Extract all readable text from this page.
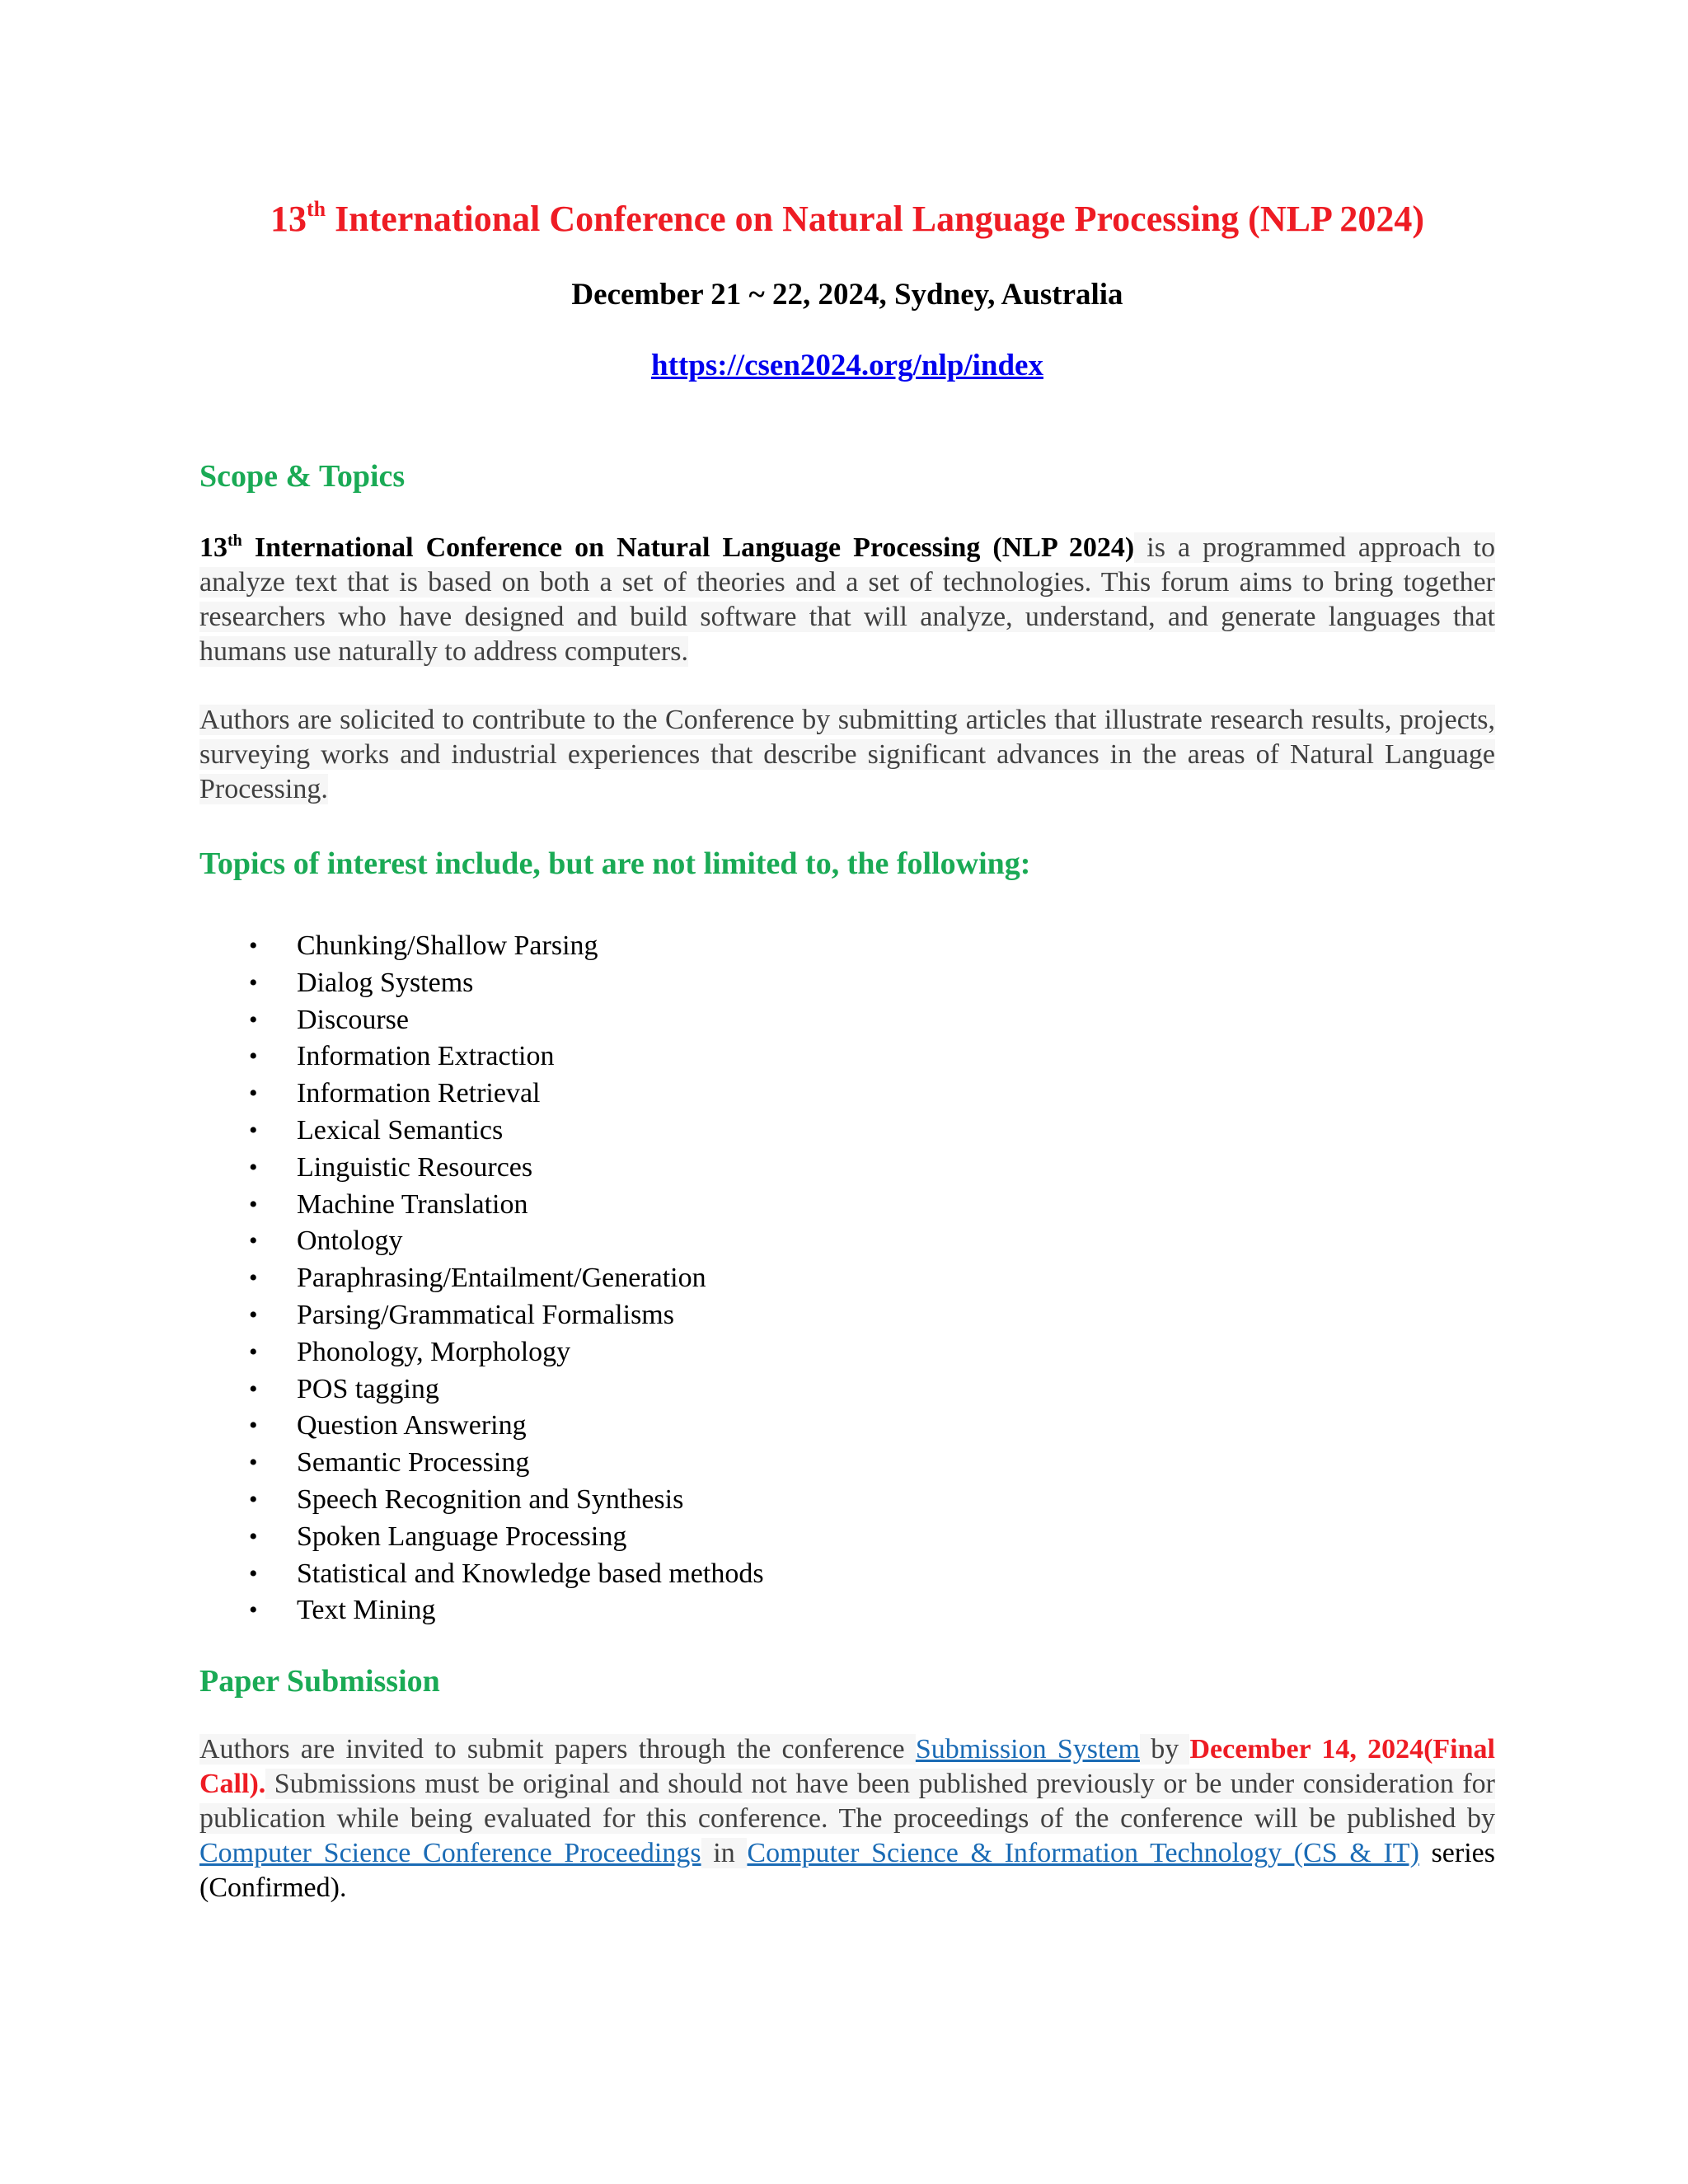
13th International Conference on Natural Language Processing (NLP 2024)

December 21 ~ 22, 2024, Sydney, Australia

https://csen2024.org/nlp/index

Scope & Topics

13th International Conference on Natural Language Processing (NLP 2024) is a programmed approach to analyze text that is based on both a set of theories and a set of technologies. This forum aims to bring together researchers who have designed and build software that will analyze, understand, and generate languages that humans use naturally to address computers.

Authors are solicited to contribute to the Conference by submitting articles that illustrate research results, projects, surveying works and industrial experiences that describe significant advances in the areas of Natural Language Processing.

Topics of interest include, but are not limited to, the following:
• Chunking/Shallow Parsing
• Dialog Systems
• Discourse
• Information Extraction
• Information Retrieval
• Lexical Semantics
• Linguistic Resources
• Machine Translation
• Ontology
• Paraphrasing/Entailment/Generation
• Parsing/Grammatical Formalisms
• Phonology, Morphology
• POS tagging
• Question Answering
• Semantic Processing
• Speech Recognition and Synthesis
• Spoken Language Processing
• Statistical and Knowledge based methods
• Text Mining
Paper Submission

Authors are invited to submit papers through the conference Submission System by December 14, 2024(Final Call). Submissions must be original and should not have been published previously or be under consideration for publication while being evaluated for this conference. The proceedings of the conference will be published by Computer Science Conference Proceedings in Computer Science & Information Technology (CS & IT) series (Confirmed).
